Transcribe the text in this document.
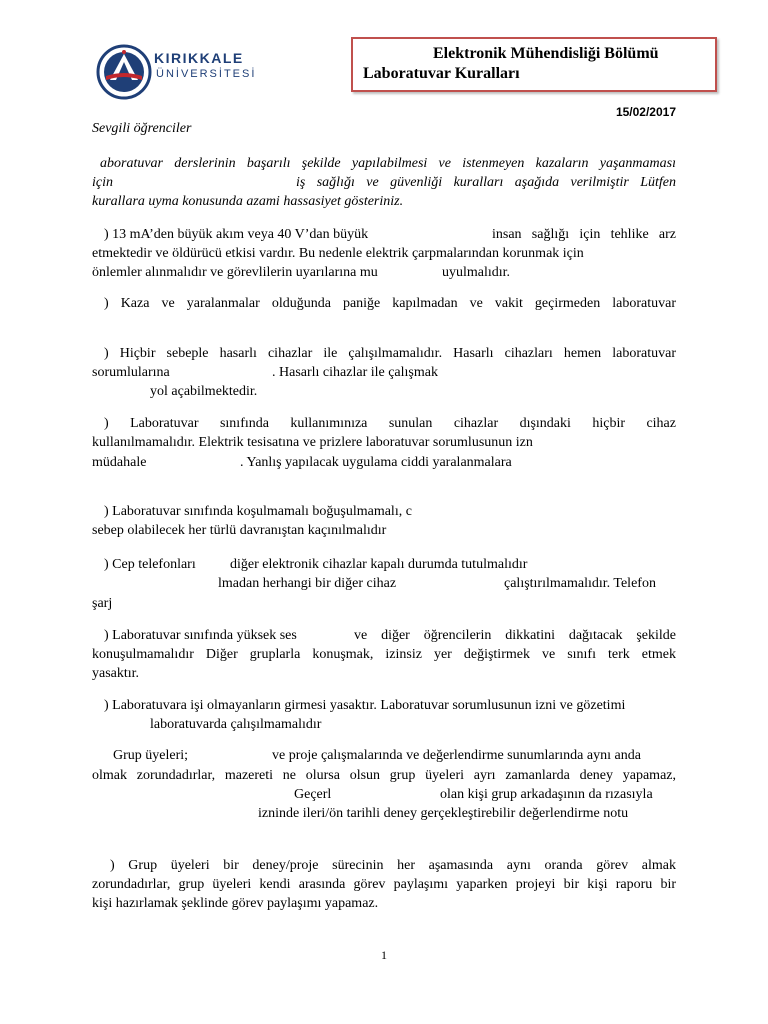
KIRIKKALE
ÜNİVERSİTESİ
Elektronik Mühendisliği Bölümü
Laboratuvar Kuralları
15/02/2017
Sevgili öğrenciler
aboratuvar derslerinin başarılı şekilde yapılabilmesi ve istenmeyen kazaların yaşanmaması
için	iş sağlığı ve güvenliği kuralları aşağıda verilmiştir Lütfen
kurallara uyma konusunda azami hassasiyet gösteriniz.
) 13 mA’den büyük akım veya 40 V’dan büyük	insan sağlığı için tehlike arz
etmektedir ve öldürücü etkisi vardır. Bu nedenle elektrik çarpmalarından korunmak için
önlemler alınmalıdır ve görevlilerin uyarılarına mu	uyulmalıdır.
) Kaza ve yaralanmalar olduğunda paniğe kapılmadan ve vakit geçirmeden laboratuvar
) Hiçbir sebeple hasarlı cihazlar ile çalışılmamalıdır. Hasarlı cihazları hemen laboratuvar
sorumlularına	. Hasarlı cihazlar ile çalışmak
yol açabilmektedir.
) Laboratuvar sınıfında kullanımınıza sunulan cihazlar dışındaki hiçbir cihaz
kullanılmamalıdır. Elektrik tesisatına ve prizlere laboratuvar sorumlusunun izn
müdahale	. Yanlış yapılacak uygulama ciddi yaralanmalara
) Laboratuvar sınıfında koşulmamalı boğuşulmamalı, c
sebep olabilecek her türlü davranıştan kaçınılmalıdır
) Cep telefonları diğer elektronik cihazlar kapalı durumda tutulmalıdır
lmadan herhangi bir diğer cihaz	çalıştırılmamalıdır. Telefon
şarj
) Laboratuvar sınıfında yüksek ses	ve diğer öğrencilerin dikkatini dağıtacak şekilde
konuşulmamalıdır Diğer gruplarla konuşmak, izinsiz yer değiştirmek ve sınıfı terk etmek
yasaktır.
) Laboratuvara işi olmayanların girmesi yasaktır. Laboratuvar sorumlusunun izni ve gözetimi
laboratuvarda çalışılmamalıdır
Grup üyeleri;	ve proje çalışmalarında ve değerlendirme sunumlarında aynı anda
olmak zorundadırlar, mazereti ne olursa olsun grup üyeleri ayrı zamanlarda deney yapamaz,
Geçerl	olan kişi grup arkadaşının da rızasıyla
izninde ileri/ön tarihli deney gerçekleştirebilir değerlendirme notu
) Grup üyeleri bir deney/proje sürecinin her aşamasında aynı oranda görev almak
zorundadırlar, grup üyeleri kendi arasında görev paylaşımı yaparken projeyi bir kişi raporu bir
kişi hazırlamak şeklinde görev paylaşımı yapamaz.
1
